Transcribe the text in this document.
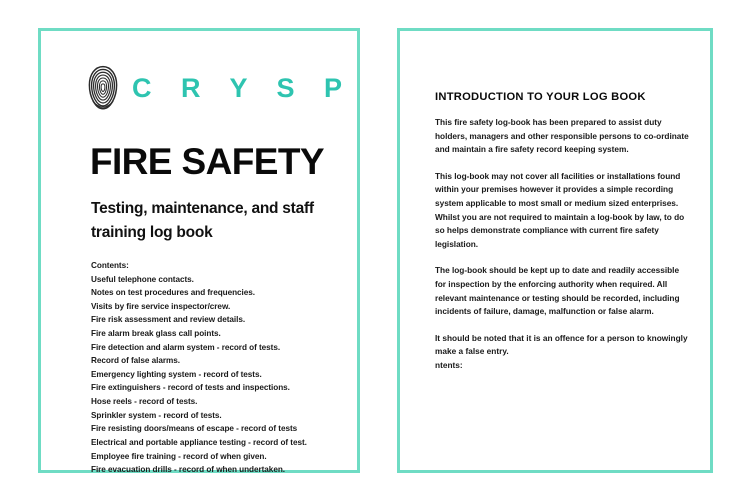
C R Y S P
FIRE SAFETY
Testing, maintenance, and staff training log book
Contents:
Useful telephone contacts.
Notes on test procedures and frequencies.
Visits by fire service inspector/crew.
Fire risk assessment and review details.
Fire alarm break glass call points.
Fire detection and alarm system - record of tests.
Record of false alarms.
Emergency lighting system - record of tests.
Fire extinguishers - record of tests and inspections.
Hose reels - record of tests.
Sprinkler system - record of tests.
Fire resisting doors/means of escape - record of tests
Electrical and portable appliance testing - record of test.
Employee fire training - record of when given.
Fire evacuation drills - record of when undertaken.
INTRODUCTION TO YOUR LOG BOOK

This fire safety log-book has been prepared to assist duty holders, managers and other responsible persons to co-ordinate and maintain a fire safety record keeping system.

This log-book may not cover all facilities or installations found within your premises however it provides a simple recording system applicable to most small or medium sized enterprises. Whilst you are not required to maintain a log-book by law, to do so helps demonstrate compliance with current fire safety legislation.

The log-book should be kept up to date and readily accessible for inspection by the enforcing authority when required. All relevant maintenance or testing should be recorded, including incidents of failure, damage, malfunction or false alarm.

It should be noted that it is an offence for a person to knowingly make a false entry.

ntents:
